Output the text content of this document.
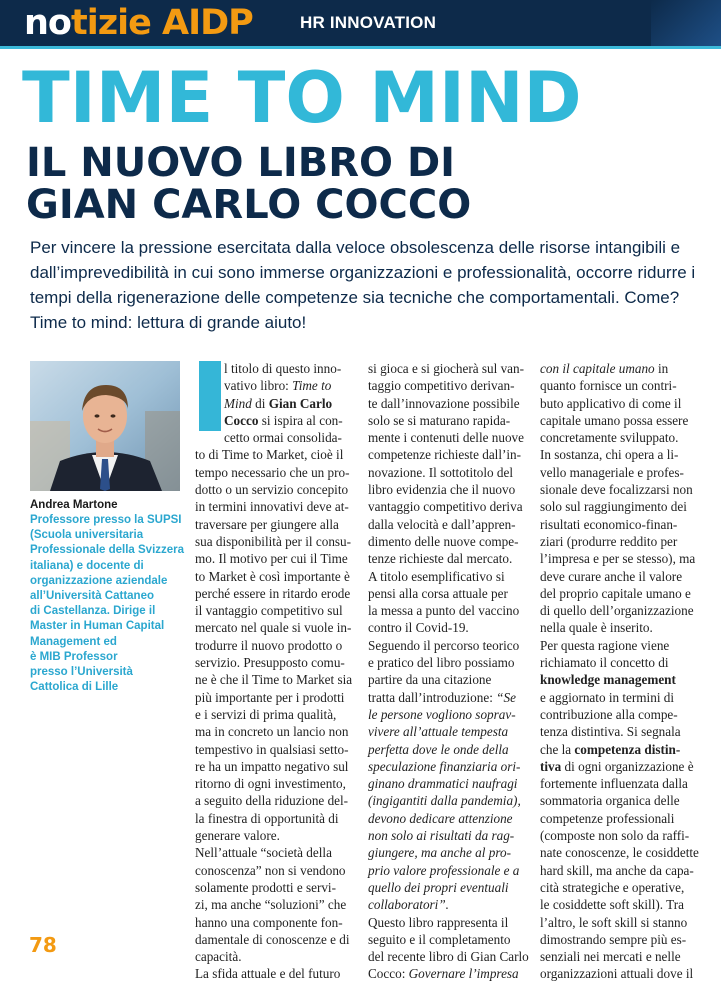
notizie AIDP	HR INNOVATION
TIME TO MIND
IL NUOVO LIBRO DI
GIAN CARLO COCCO
Per vincere la pressione esercitata dalla veloce obsolescenza delle risorse intangibili e dall’imprevedibilità in cui sono immerse organizzazioni e professionalità, occorre ridurre i tempi della rigenerazione delle competenze sia tecniche che comportamentali. Come? Time to mind: lettura di grande aiuto!
Andrea Martone
Professore presso la SUPSI
(Scuola universitaria
Professionale della Svizzera
italiana) e docente di
organizzazione aziendale
all’Università Cattaneo
di Castellanza. Dirige il
Master in Human Capital
Management ed
è MIB Professor
presso l’Università
Cattolica di Lille
l titolo di questo inno-
vativo libro: Time to
Mind di Gian Carlo
Cocco si ispira al con-
cetto ormai consolida-
to di Time to Market, cioè il
tempo necessario che un pro-
dotto o un servizio concepito
in termini innovativi deve at-
traversare per giungere alla
sua disponibilità per il consu-
mo. Il motivo per cui il Time
to Market è così importante è
perché essere in ritardo erode
il vantaggio competitivo sul
mercato nel quale si vuole in-
trodurre il nuovo prodotto o
servizio. Presupposto comu-
ne è che il Time to Market sia
più importante per i prodotti
e i servizi di prima qualità,
ma in concreto un lancio non
tempestivo in qualsiasi setto-
re ha un impatto negativo sul
ritorno di ogni investimento,
a seguito della riduzione del-
la finestra di opportunità di
generare valore.
Nell’attuale “società della
conoscenza” non si vendono
solamente prodotti e servi-
zi, ma anche “soluzioni” che
hanno una componente fon-
damentale di conoscenze e di
capacità.
La sfida attuale e del futuro
si gioca e si giocherà sul van-
taggio competitivo derivan-
te dall’innovazione possibile
solo se si maturano rapida-
mente i contenuti delle nuove
competenze richieste dall’in-
novazione. Il sottotitolo del
libro evidenzia che il nuovo
vantaggio competitivo deriva
dalla velocità e dall’appren-
dimento delle nuove compe-
tenze richieste dal mercato.
A titolo esemplificativo si
pensi alla corsa attuale per
la messa a punto del vaccino
contro il Covid-19.
Seguendo il percorso teorico
e pratico del libro possiamo
partire da una citazione
tratta dall’introduzione: “Se
le persone vogliono soprav-
vivere all’attuale tempesta
perfetta dove le onde della
speculazione finanziaria ori-
ginano drammatici naufragi
(ingigantiti dalla pandemia),
devono dedicare attenzione
non solo ai risultati da rag-
giungere, ma anche al pro-
prio valore professionale e a
quello dei propri eventuali
collaboratori”.
Questo libro rappresenta il
seguito e il completamento
del recente libro di Gian Carlo
Cocco: Governare l’impresa
con il capitale umano in
quanto fornisce un contri-
buto applicativo di come il
capitale umano possa essere
concretamente sviluppato.
In sostanza, chi opera a li-
vello manageriale e profes-
sionale deve focalizzarsi non
solo sul raggiungimento dei
risultati economico-finan-
ziari (produrre reddito per
l’impresa e per se stesso), ma
deve curare anche il valore
del proprio capitale umano e
di quello dell’organizzazione
nella quale è inserito.
Per questa ragione viene
richiamato il concetto di
knowledge management
e aggiornato in termini di
contribuzione alla compe-
tenza distintiva. Si segnala
che la competenza distin-
tiva di ogni organizzazione è
fortemente influenzata dalla
sommatoria organica delle
competenze professionali
(composte non solo da raffi-
nate conoscenze, le cosiddette
hard skill, ma anche da capa-
cità strategiche e operative,
le cosiddette soft skill). Tra
l’altro, le soft skill si stanno
dimostrando sempre più es-
senziali nei mercati e nelle
organizzazioni attuali dove il
78
